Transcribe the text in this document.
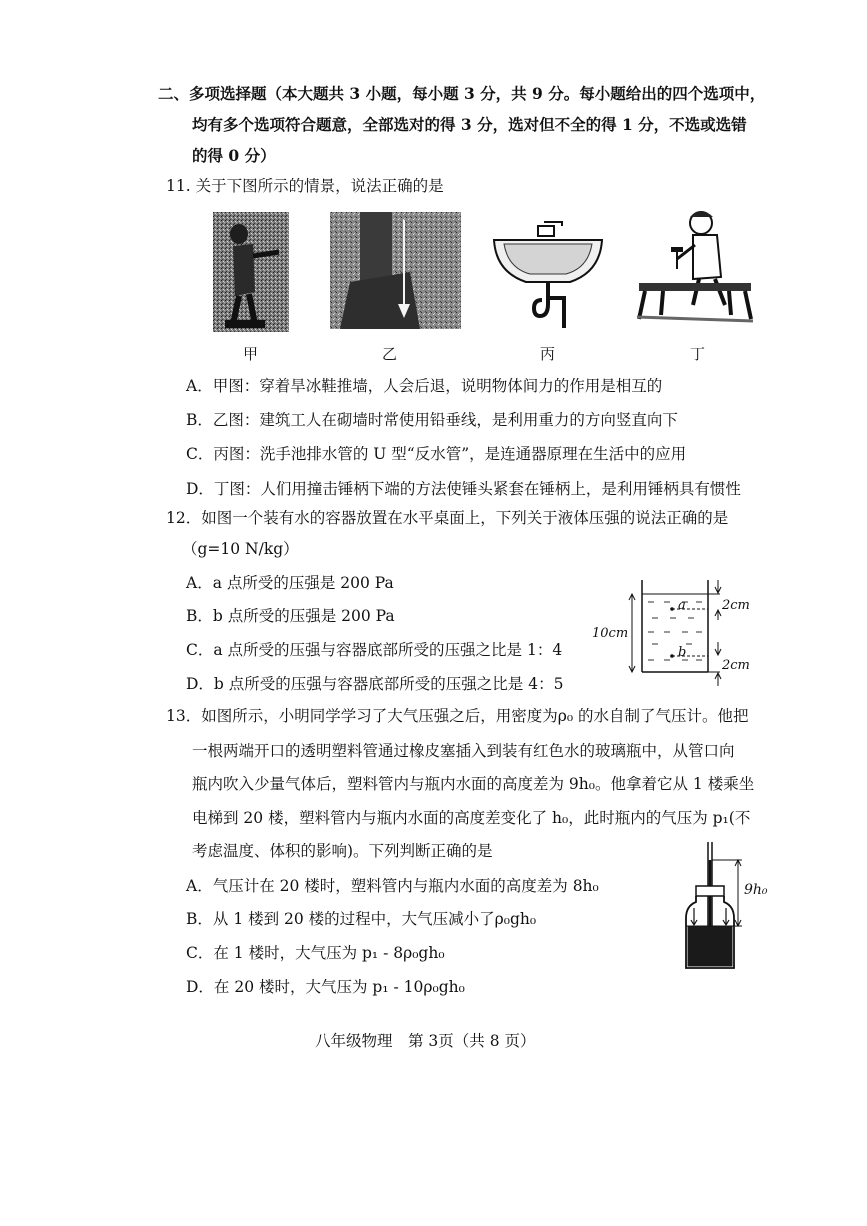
二、多项选择题（本大题共 3 小题，每小题 3 分，共 9 分。每小题给出的四个选项中，
均有多个选项符合题意，全部选对的得 3 分，选对但不全的得 1 分，不选或选错
的得 0 分）
11. 关于下图所示的情景，说法正确的是
甲	乙	丙	丁
A．甲图：穿着旱冰鞋推墙，人会后退，说明物体间力的作用是相互的
B．乙图：建筑工人在砌墙时常使用铅垂线，是利用重力的方向竖直向下
C．丙图：洗手池排水管的 U 型“反水管”，是连通器原理在生活中的应用
D．丁图：人们用撞击锤柄下端的方法使锤头紧套在锤柄上，是利用锤柄具有惯性
12．如图一个装有水的容器放置在水平桌面上，下列关于液体压强的说法正确的是
（g=10 N/kg）
A．a 点所受的压强是 200 Pa
B．b 点所受的压强是 200 Pa
C．a 点所受的压强与容器底部所受的压强之比是 1：4
D．b 点所受的压强与容器底部所受的压强之比是 4：5
a
b
10cm
2cm
2cm
13．如图所示，小明同学学习了大气压强之后，用密度为ρ₀ 的水自制了气压计。他把
一根两端开口的透明塑料管通过橡皮塞插入到装有红色水的玻璃瓶中，从管口向
瓶内吹入少量气体后，塑料管内与瓶内水面的高度差为 9h₀。他拿着它从 1 楼乘坐
电梯到 20 楼，塑料管内与瓶内水面的高度差变化了 h₀，此时瓶内的气压为 p₁(不
考虑温度、体积的影响)。下列判断正确的是
A．气压计在 20 楼时，塑料管内与瓶内水面的高度差为 8h₀
B．从 1 楼到 20 楼的过程中，大气压减小了ρ₀gh₀
C．在 1 楼时，大气压为 p₁ - 8ρ₀gh₀
D．在 20 楼时，大气压为 p₁ - 10ρ₀gh₀
9h₀
八年级物理　第 3页（共 8 页）
